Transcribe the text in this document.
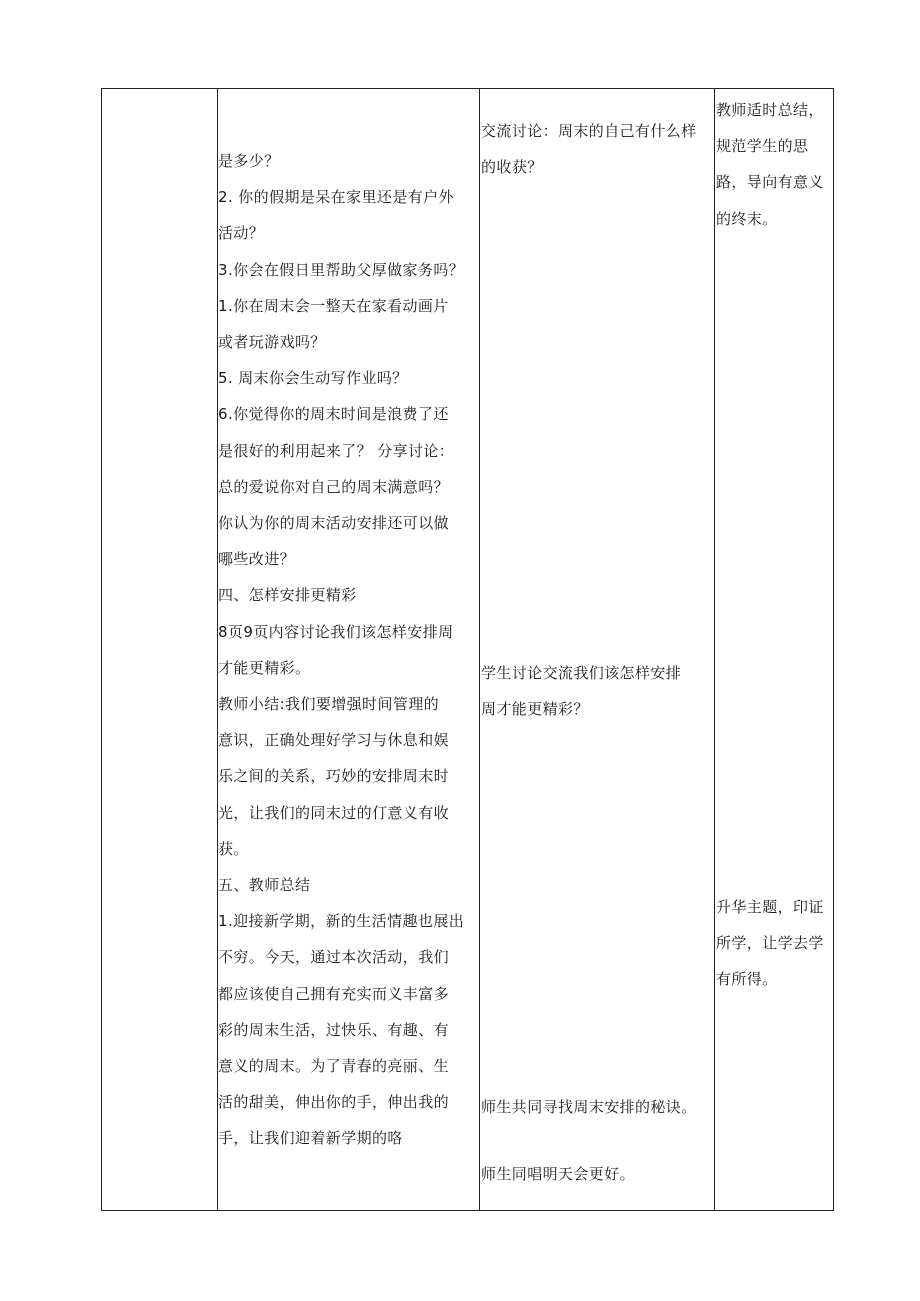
是多少？

2. 你的假期是呆在家里还是有户外

活动？

3.你会在假日里帮助父厚做家务吗？

1.你在周末会一整天在家看动画片

或者玩游戏吗？

5. 周末你会生动写作业吗？

6.你觉得你的周末时间是浪费了还

是很好的利用起来了？ 分享讨论：

总的爱说你对自己的周末满意吗？

你认为你的周末活动安排还可以做

哪些改进？

四、怎样安排更精彩

8页9页内容讨论我们该怎样安排周

才能更精彩。

教师小结:我们要增强时间管理的

意识，正确处理好学习与休息和娱

乐之间的关系，巧妙的安排周末时

光，让我们的同末过的仃意义有收

获。

五、教师总结

1.迎接新学期，新的生活情趣也展出

不穷。今天，通过本次活动，我们

都应该使自己拥有充实而义丰富多

彩的周末生活，过快乐、有趣、有

意义的周末。为了青春的亮丽、生

活的甜美，伸出你的手，伸出我的

手，让我们迎着新学期的咯

交流讨论：周末的自己有什么样

的收获？

学生讨论交流我们该怎样安排

周才能更精彩？

师生共同寻找周末安排的秘诀。

师生同唱明天会更好。

教师适时总结，

规范学生的思

路，导向有意义

的终末。

升华主题，印证

所学，让学去学

有所得。
